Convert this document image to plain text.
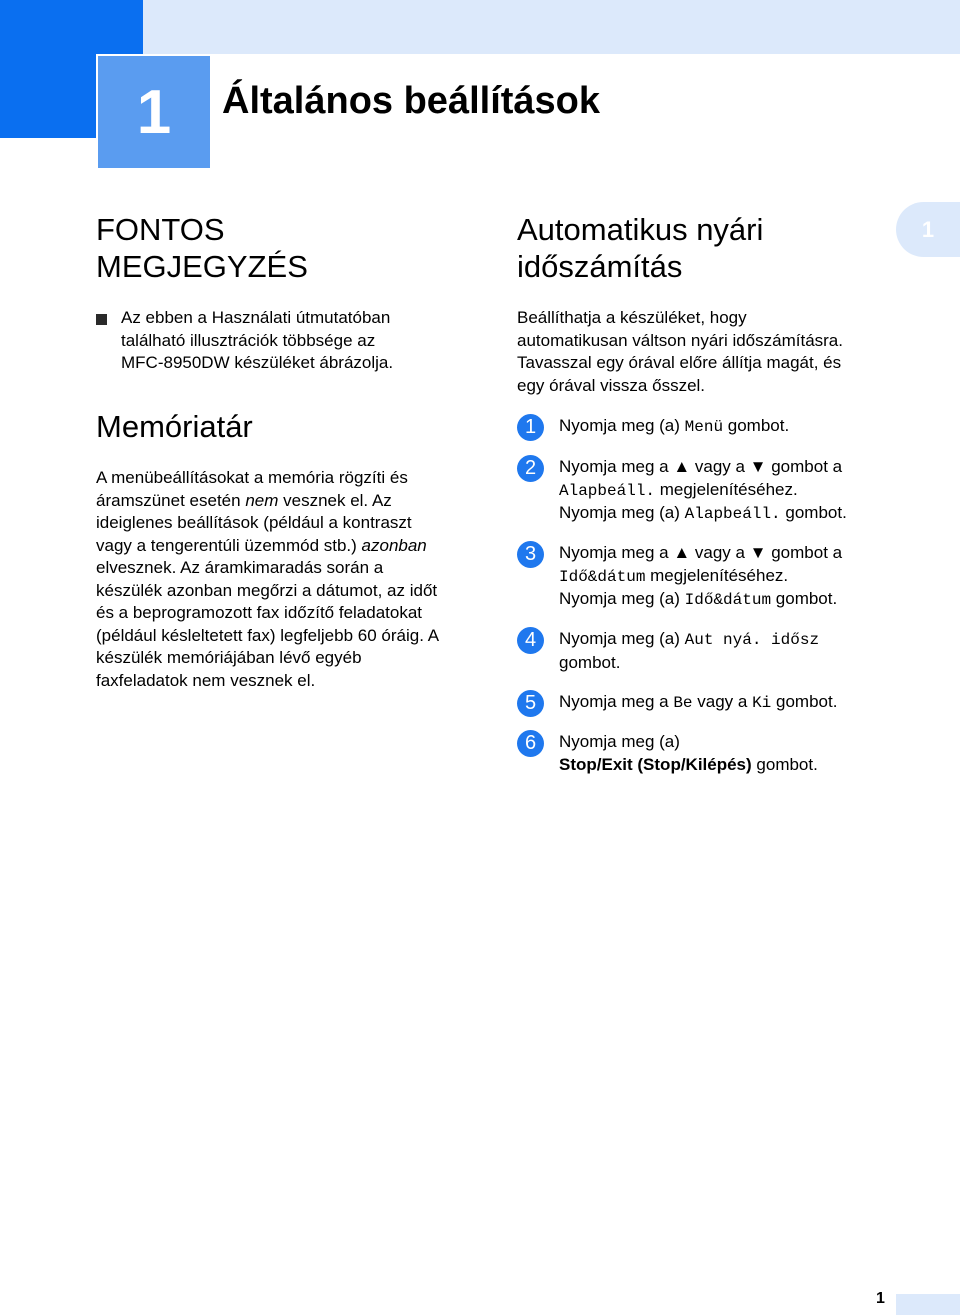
1 Általános beállítások
1
FONTOS
MEGJEGYZÉS
Az ebben a Használati útmutatóban
található illusztrációk többsége az
MFC-8950DW készüléket ábrázolja.
Memóriatár
A menübeállításokat a memória rögzíti és
áramszünet esetén nem vesznek el. Az
ideiglenes beállítások (például a kontraszt
vagy a tengerentúli üzemmód stb.) azonban
elvesznek. Az áramkimaradás során a
készülék azonban megőrzi a dátumot, az időt
és a beprogramozott fax időzítő feladatokat
(például késleltetett fax) legfeljebb 60 óráig. A
készülék memóriájában lévő egyéb
faxfeladatok nem vesznek el.
Automatikus nyári
időszámítás
Beállíthatja a készüléket, hogy
automatikusan váltson nyári időszámításra.
Tavasszal egy órával előre állítja magát, és
egy órával vissza ősszel.
1	Nyomja meg (a) Menü gombot.
2	Nyomja meg a ▲ vagy a ▼ gombot a
Alapbeáll. megjelenítéséhez.
Nyomja meg (a) Alapbeáll. gombot.
3	Nyomja meg a ▲ vagy a ▼ gombot a
Idő&dátum megjelenítéséhez.
Nyomja meg (a) Idő&dátum gombot.
4	Nyomja meg (a) Aut nyá. idősz
gombot.
5	Nyomja meg a Be vagy a Ki gombot.
6	Nyomja meg (a)
Stop/Exit (Stop/Kilépés) gombot.
1
